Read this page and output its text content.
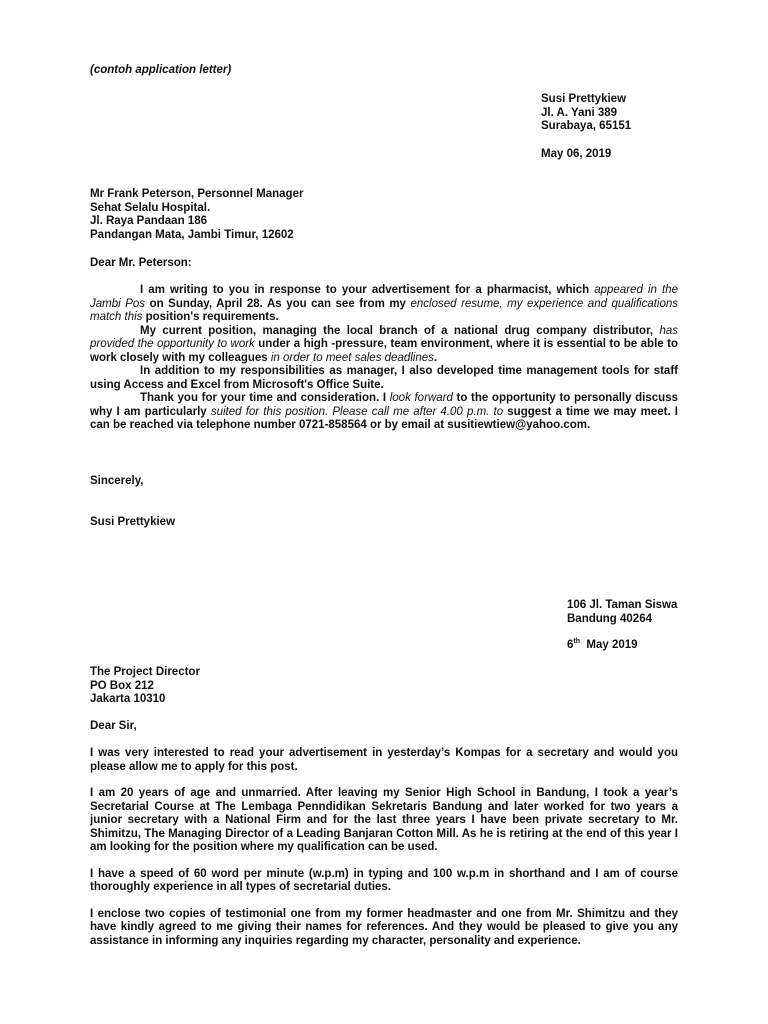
(contoh application letter)
Susi Prettykiew
Jl. A. Yani 389
Surabaya, 65151
May 06, 2019
Mr Frank Peterson, Personnel Manager
Sehat Selalu Hospital.
Jl. Raya Pandaan 186
Pandangan Mata, Jambi Timur, 12602
Dear Mr. Peterson:

I am writing to you in response to your advertisement for a pharmacist, which appeared in the Jambi Pos on Sunday, April 28. As you can see from my enclosed resume, my experience and qualifications match this position's requirements.

My current position, managing the local branch of a national drug company distributor, has provided the opportunity to work under a high -pressure, team environment, where it is essential to be able to work closely with my colleagues in order to meet sales deadlines.

In addition to my responsibilities as manager, I also developed time management tools for staff using Access and Excel from Microsoft's Office Suite.

Thank you for your time and consideration. I look forward to the opportunity to personally discuss why I am particularly suited for this position. Please call me after 4.00 p.m. to suggest a time we may meet. I can be reached via telephone number 0721-858564 or by email at susitiewtiew@yahoo.com.

Sincerely,
Susi Prettykiew
106 Jl. Taman Siswa
Bandung 40264
6th  May 2019
The Project Director
PO Box 212
Jakarta 10310
Dear Sir,

I was very interested to read your advertisement in yesterday’s Kompas for a secretary and would you please allow me to apply for this post.

I am 20 years of age and unmarried. After leaving my Senior High School in Bandung, I took a year’s Secretarial Course at The Lembaga Penndidikan Sekretaris Bandung and later worked for two years a junior secretary with a National Firm and for the last three years I have been private secretary to Mr. Shimitzu, The Managing Director of a Leading Banjaran Cotton Mill. As he is retiring at the end of this year I am looking for the position where my qualification can be used.

I have a speed of 60 word per minute (w.p.m) in typing and 100 w.p.m in shorthand and I am of course thoroughly experience in all types of secretarial duties.

I enclose two copies of testimonial one from my former headmaster and one from Mr. Shimitzu and they have kindly agreed to me giving their names for references. And they would be pleased to give you any assistance in informing any inquiries regarding my character, personality and experience.
